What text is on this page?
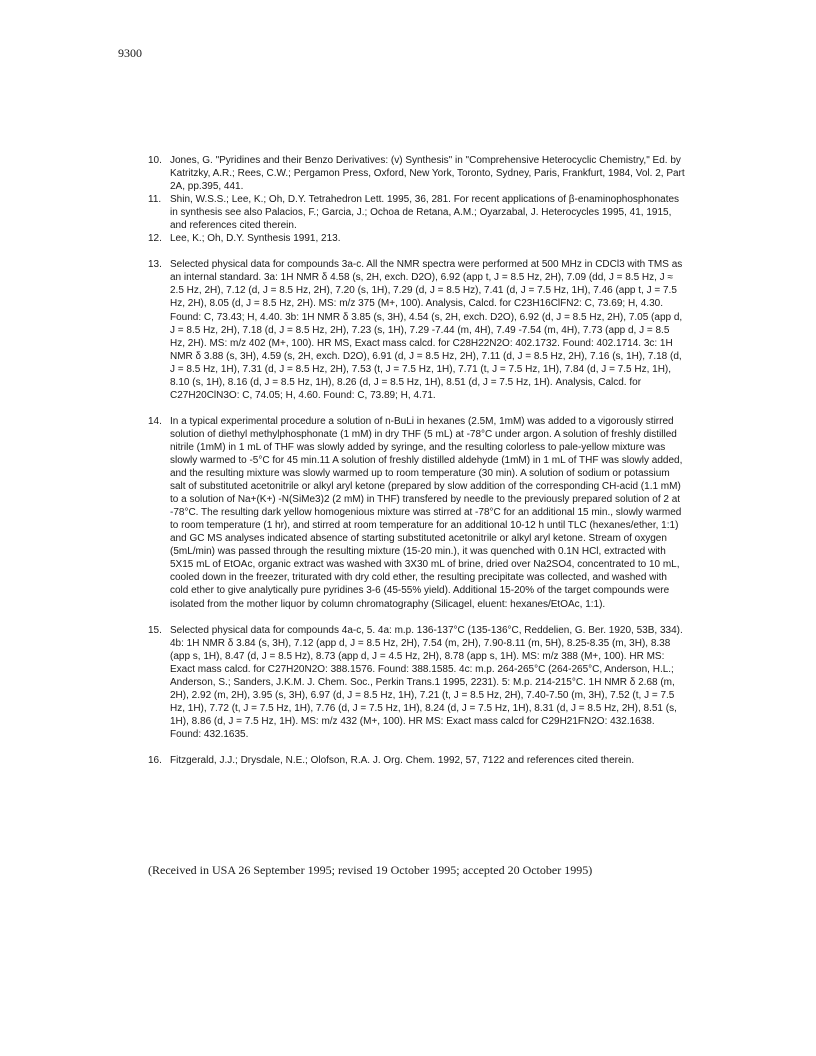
9300

10. Jones, G. "Pyridines and their Benzo Derivatives: (v) Synthesis" in "Comprehensive Heterocyclic Chemistry," Ed. by Katritzky, A.R.; Rees, C.W.; Pergamon Press, Oxford, New York, Toronto, Sydney, Paris, Frankfurt, 1984, Vol. 2, Part 2A, pp.395, 441.

11. Shin, W.S.S.; Lee, K.; Oh, D.Y. Tetrahedron Lett. 1995, 36, 281. For recent applications of β-enaminophosphonates in synthesis see also Palacios, F.; Garcia, J.; Ochoa de Retana, A.M.; Oyarzabal, J. Heterocycles 1995, 41, 1915, and references cited therein.

12. Lee, K.; Oh, D.Y. Synthesis 1991, 213.

13. Selected physical data for compounds 3a-c. All the NMR spectra were performed at 500 MHz in CDCl3 with TMS as an internal standard. 3a: 1H NMR δ 4.58 (s, 2H, exch. D2O), 6.92 (app t, J = 8.5 Hz, 2H), 7.09 (dd, J = 8.5 Hz, J ≈ 2.5 Hz, 2H), 7.12 (d, J = 8.5 Hz, 2H), 7.20 (s, 1H), 7.29 (d, J = 8.5 Hz), 7.41 (d, J = 7.5 Hz, 1H), 7.46 (app t, J = 7.5 Hz, 2H), 8.05 (d, J = 8.5 Hz, 2H). MS: m/z 375 (M+, 100). Analysis, Calcd. for C23H16ClFN2: C, 73.69; H, 4.30. Found: C, 73.43; H, 4.40. 3b: 1H NMR δ 3.85 (s, 3H), 4.54 (s, 2H, exch. D2O), 6.92 (d, J = 8.5 Hz, 2H), 7.05 (app d, J = 8.5 Hz, 2H), 7.18 (d, J = 8.5 Hz, 2H), 7.23 (s, 1H), 7.29 -7.44 (m, 4H), 7.49 -7.54 (m, 4H), 7.73 (app d, J = 8.5 Hz, 2H). MS: m/z 402 (M+, 100). HR MS, Exact mass calcd. for C28H22N2O: 402.1732. Found: 402.1714. 3c: 1H NMR δ 3.88 (s, 3H), 4.59 (s, 2H, exch. D2O), 6.91 (d, J = 8.5 Hz, 2H), 7.11 (d, J = 8.5 Hz, 2H), 7.16 (s, 1H), 7.18 (d, J = 8.5 Hz, 1H), 7.31 (d, J = 8.5 Hz, 2H), 7.53 (t, J = 7.5 Hz, 1H), 7.71 (t, J = 7.5 Hz, 1H), 7.84 (d, J = 7.5 Hz, 1H), 8.10 (s, 1H), 8.16 (d, J = 8.5 Hz, 1H), 8.26 (d, J = 8.5 Hz, 1H), 8.51 (d, J = 7.5 Hz, 1H). Analysis, Calcd. for C27H20ClN3O: C, 74.05; H, 4.60. Found: C, 73.89; H, 4.71.

14. In a typical experimental procedure a solution of n-BuLi in hexanes (2.5M, 1mM) was added to a vigorously stirred solution of diethyl methylphosphonate (1 mM) in dry THF (5 mL) at -78°C under argon. A solution of freshly distilled nitrile (1mM) in 1 mL of THF was slowly added by syringe, and the resulting colorless to pale-yellow mixture was slowly warmed to -5°C for 45 min.11 A solution of freshly distilled aldehyde (1mM) in 1 mL of THF was slowly added, and the resulting mixture was slowly warmed up to room temperature (30 min). A solution of sodium or potassium salt of substituted acetonitrile or alkyl aryl ketone (prepared by slow addition of the corresponding CH-acid (1.1 mM) to a solution of Na+(K+) -N(SiMe3)2 (2 mM) in THF) transfered by needle to the previously prepared solution of 2 at -78°C. The resulting dark yellow homogenious mixture was stirred at -78°C for an additional 15 min., slowly warmed to room temperature (1 hr), and stirred at room temperature for an additional 10-12 h until TLC (hexanes/ether, 1:1) and GC MS analyses indicated absence of starting substituted acetonitrile or alkyl aryl ketone. Stream of oxygen (5mL/min) was passed through the resulting mixture (15-20 min.), it was quenched with 0.1N HCl, extracted with 5X15 mL of EtOAc, organic extract was washed with 3X30 mL of brine, dried over Na2SO4, concentrated to 10 mL, cooled down in the freezer, triturated with dry cold ether, the resulting precipitate was collected, and washed with cold ether to give analytically pure pyridines 3-6 (45-55% yield). Additional 15-20% of the target compounds were isolated from the mother liquor by column chromatography (Silicagel, eluent: hexanes/EtOAc, 1:1).

15. Selected physical data for compounds 4a-c, 5. 4a: m.p. 136-137°C (135-136°C, Reddelien, G. Ber. 1920, 53B, 334). 4b: 1H NMR δ 3.84 (s, 3H), 7.12 (app d, J = 8.5 Hz, 2H), 7.54 (m, 2H), 7.90-8.11 (m, 5H), 8.25-8.35 (m, 3H), 8.38 (app s, 1H), 8.47 (d, J = 8.5 Hz), 8.73 (app d, J = 4.5 Hz, 2H), 8.78 (app s, 1H). MS: m/z 388 (M+, 100). HR MS: Exact mass calcd. for C27H20N2O: 388.1576. Found: 388.1585. 4c: m.p. 264-265°C (264-265°C, Anderson, H.L.; Anderson, S.; Sanders, J.K.M. J. Chem. Soc., Perkin Trans.1 1995, 2231). 5: M.p. 214-215°C. 1H NMR δ 2.68 (m, 2H), 2.92 (m, 2H), 3.95 (s, 3H), 6.97 (d, J = 8.5 Hz, 1H), 7.21 (t, J = 8.5 Hz, 2H), 7.40-7.50 (m, 3H), 7.52 (t, J = 7.5 Hz, 1H), 7.72 (t, J = 7.5 Hz, 1H), 7.76 (d, J = 7.5 Hz, 1H), 8.24 (d, J = 7.5 Hz, 1H), 8.31 (d, J = 8.5 Hz, 2H), 8.51 (s, 1H), 8.86 (d, J = 7.5 Hz, 1H). MS: m/z 432 (M+, 100). HR MS: Exact mass calcd for C29H21FN2O: 432.1638. Found: 432.1635.

16. Fitzgerald, J.J.; Drysdale, N.E.; Olofson, R.A. J. Org. Chem. 1992, 57, 7122 and references cited therein.

(Received in USA 26 September 1995; revised 19 October 1995; accepted 20 October 1995)
